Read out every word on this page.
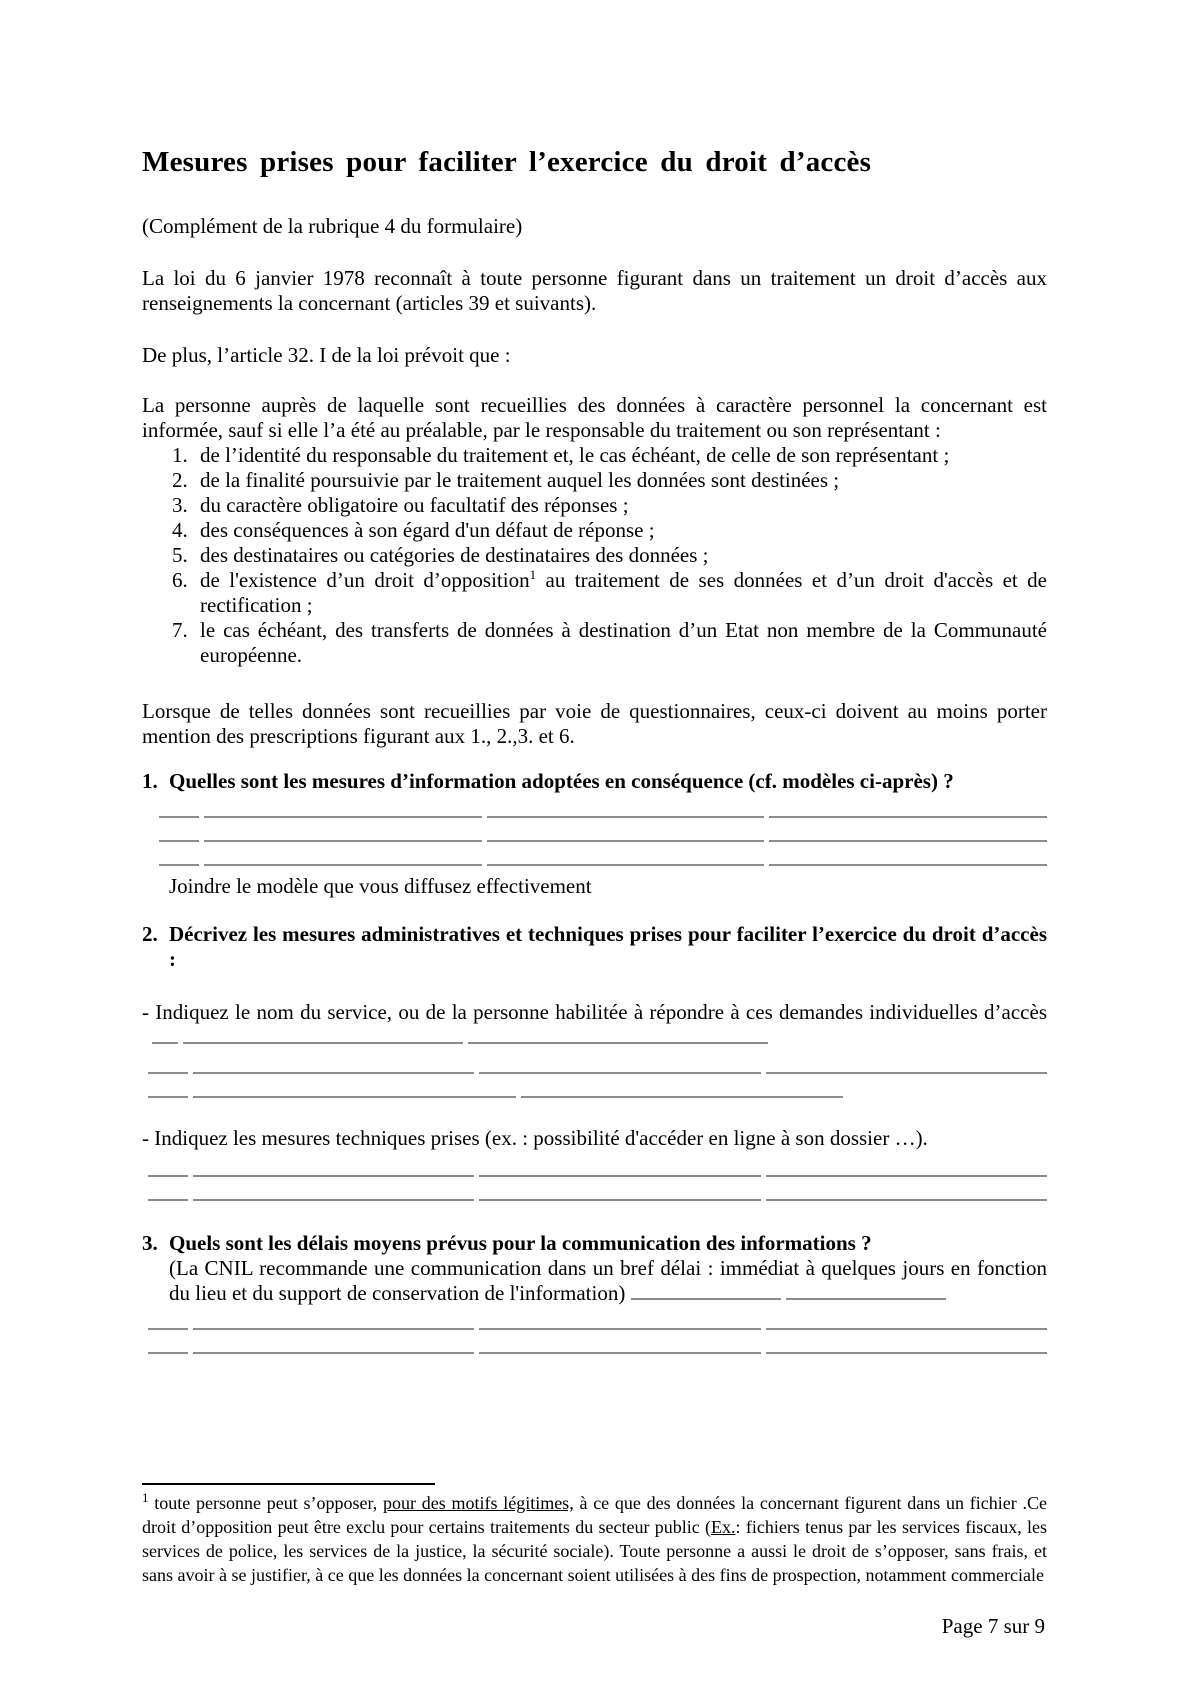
Mesures prises pour faciliter l’exercice du droit d’accès

(Complément de la rubrique 4 du formulaire)

La loi du 6 janvier 1978 reconnaît à toute personne figurant dans un traitement un droit d’accès aux renseignements la concernant (articles 39 et suivants).

De plus, l’article 32. I de la loi prévoit que :

La personne auprès de laquelle sont recueillies des données à caractère personnel la concernant est informée, sauf si elle l’a été au préalable, par le responsable du traitement ou son représentant :

1. de l’identité du responsable du traitement et, le cas échéant, de celle de son représentant ;
2. de la finalité poursuivie par le traitement auquel les données sont destinées ;
3. du caractère obligatoire ou facultatif des réponses ;
4. des conséquences à son égard d'un défaut de réponse ;
5. des destinataires ou catégories de destinataires des données ;
6. de l'existence d’un droit d’opposition$^1$ au traitement de ses données et d’un droit d'accès et de rectification ;
7. le cas échéant, des transferts de données à destination d’un Etat non membre de la Communauté européenne.

Lorsque de telles données sont recueillies par voie de questionnaires, ceux-ci doivent au moins porter mention des prescriptions figurant aux 1., 2.,3. et 6.

1. Quelles sont les mesures d’information adoptées en conséquence (cf. modèles ci-après) ?

Joindre le modèle que vous diffusez effectivement

2. Décrivez les mesures administratives et techniques prises pour faciliter l’exercice du droit d’accès :

- Indiquez le nom du service, ou de la personne habilitée à répondre à ces demandes individuelles d’accès

- Indiquez les mesures techniques prises (ex. : possibilité d'accéder en ligne à son dossier …).

3. Quels sont les délais moyens prévus pour la communication des informations ?
(La CNIL recommande une communication dans un bref délai : immédiat à quelques jours en fonction du lieu et du support de conservation de l'information)
$^1$ toute personne peut s’opposer, pour des motifs légitimes, à ce que des données la concernant figurent dans un fichier .Ce droit d’opposition peut être exclu pour certains traitements du secteur public (Ex.: fichiers tenus par les services fiscaux, les services de police, les services de la justice, la sécurité sociale). Toute personne a aussi le droit de s’opposer, sans frais, et sans avoir à se justifier, à ce que les données la concernant soient utilisées à des fins de prospection, notamment commerciale
Page 7 sur 9
